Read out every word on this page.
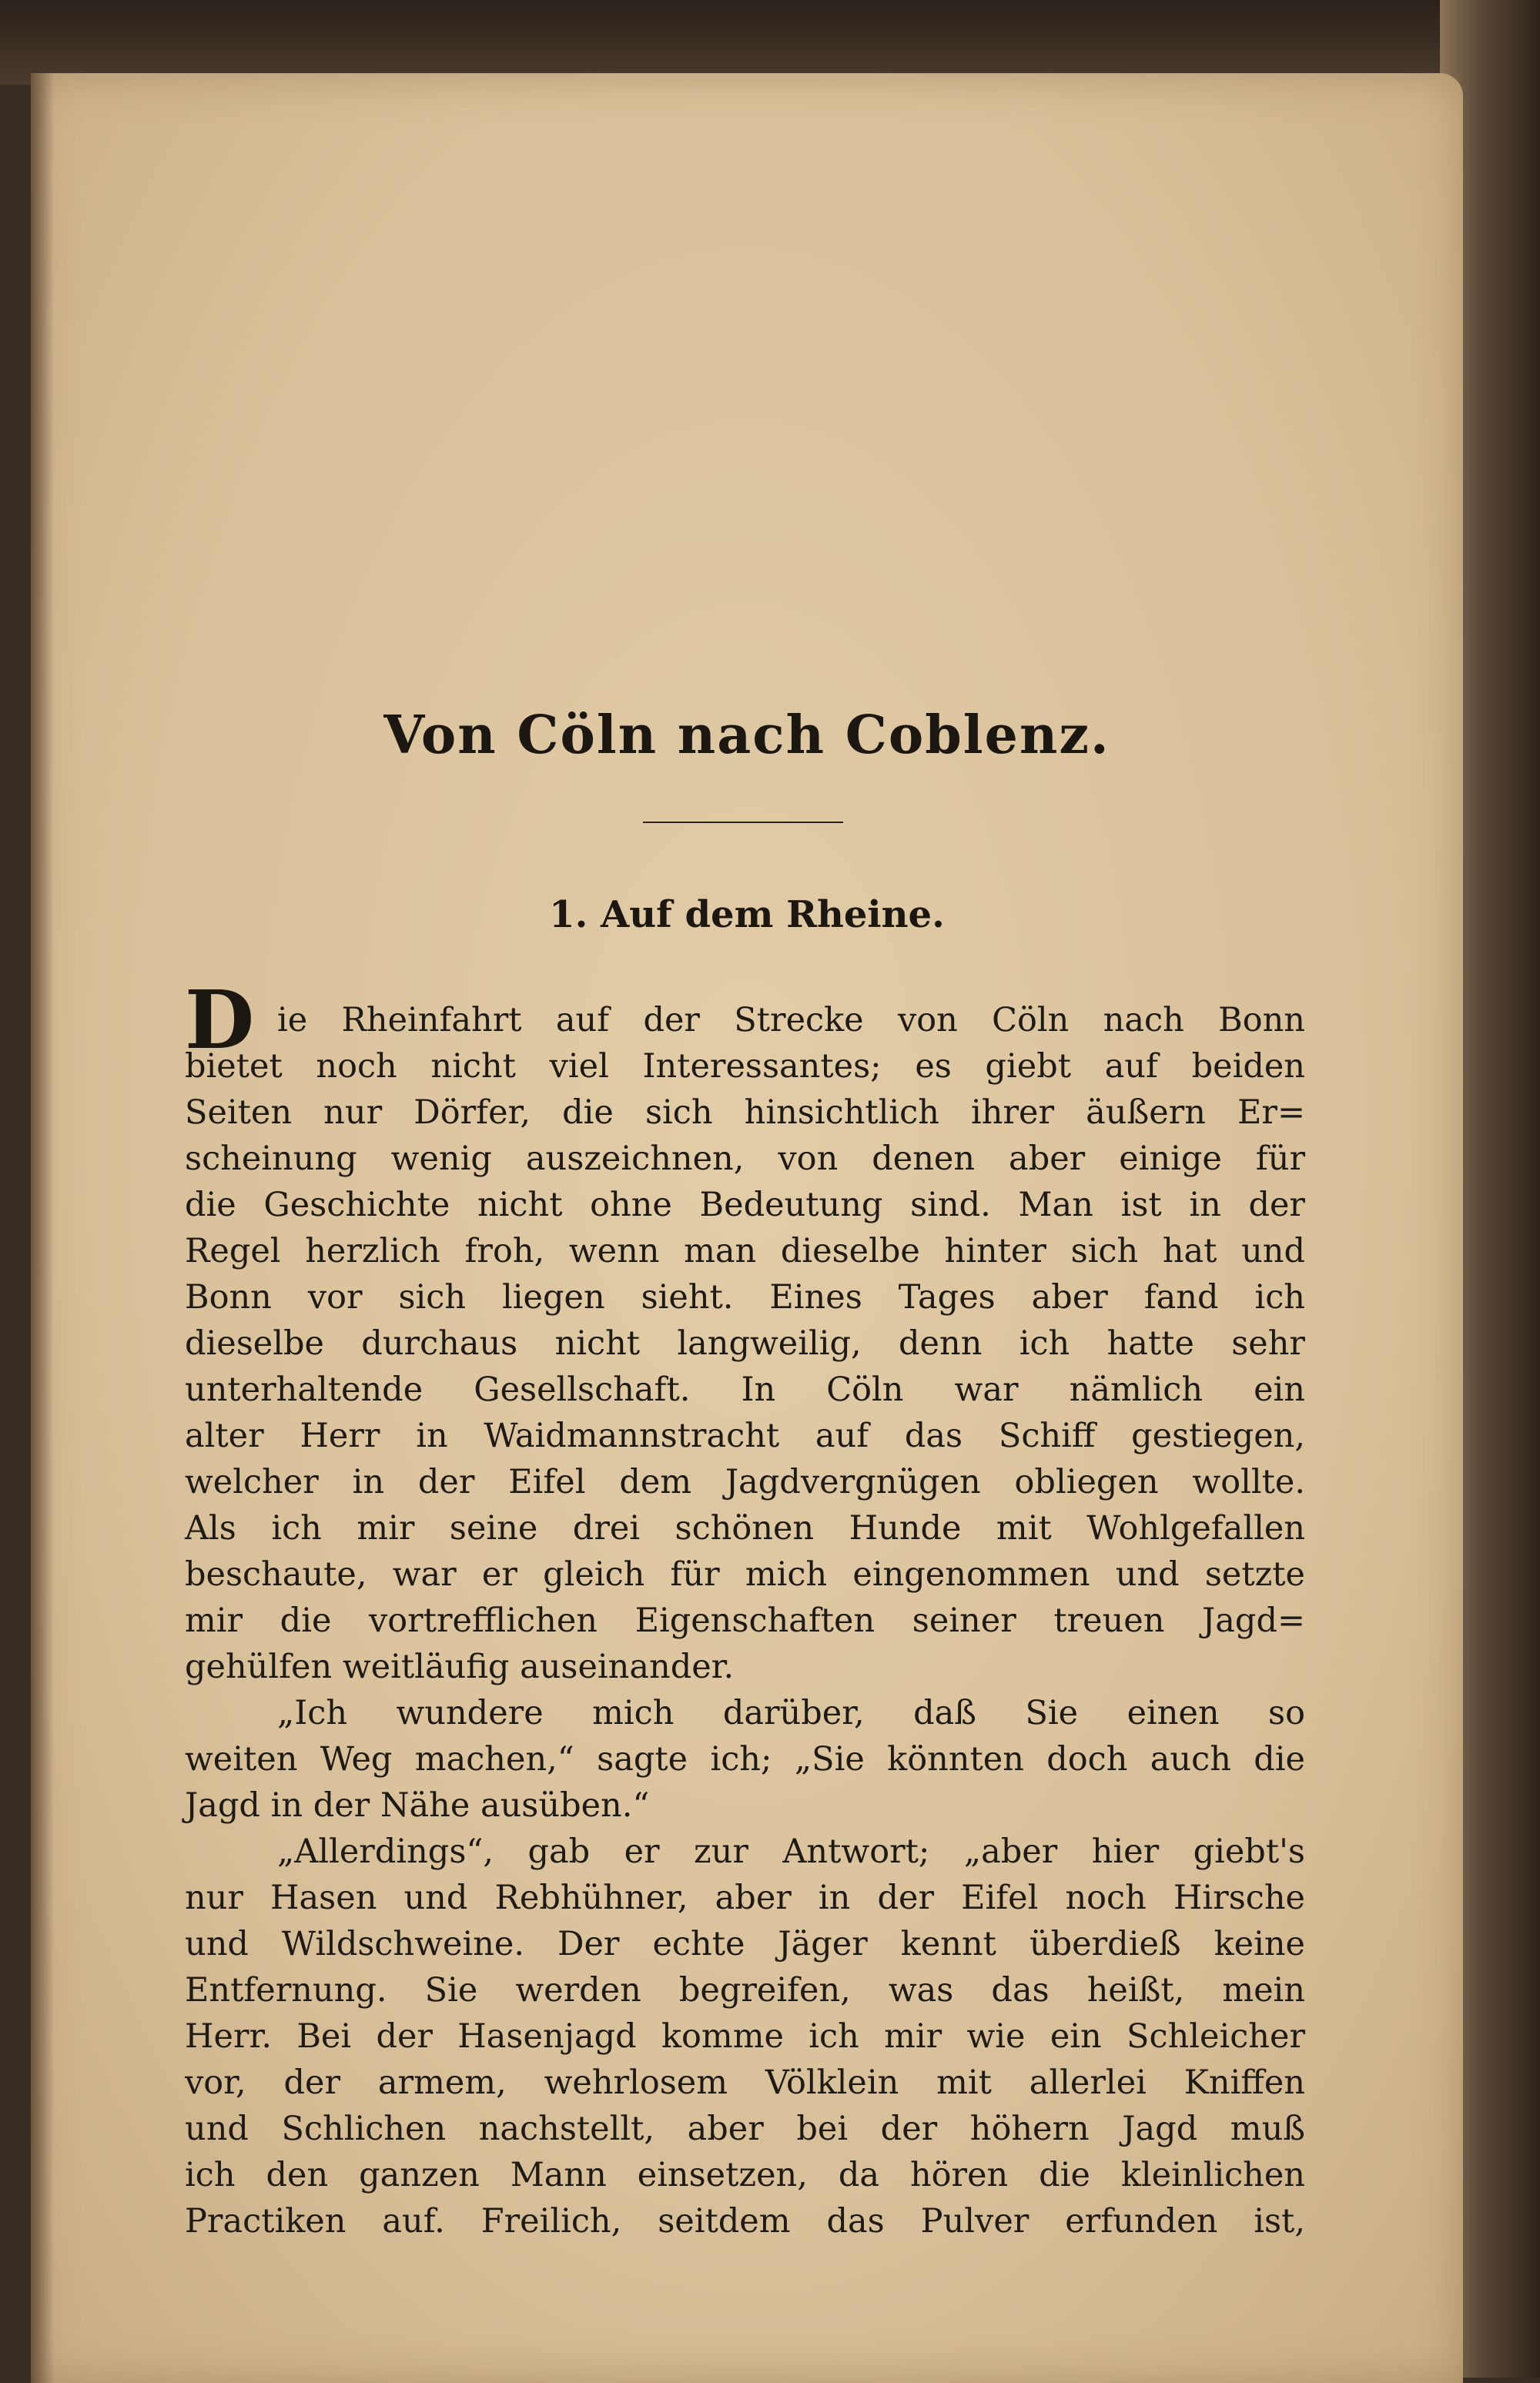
Von Cöln nach Coblenz.
1. Auf dem Rheine.
D ie Rheinfahrt auf der Strecke von Cöln nach Bonn
bietet noch nicht viel Interessantes; es giebt auf beiden
Seiten nur Dörfer, die sich hinsichtlich ihrer äußern Er=
scheinung wenig auszeichnen, von denen aber einige für
die Geschichte nicht ohne Bedeutung sind. Man ist in der
Regel herzlich froh, wenn man dieselbe hinter sich hat und
Bonn vor sich liegen sieht. Eines Tages aber fand ich
dieselbe durchaus nicht langweilig, denn ich hatte sehr
unterhaltende Gesellschaft. In Cöln war nämlich ein
alter Herr in Waidmannstracht auf das Schiff gestiegen,
welcher in der Eifel dem Jagdvergnügen obliegen wollte.
Als ich mir seine drei schönen Hunde mit Wohlgefallen
beschaute, war er gleich für mich eingenommen und setzte
mir die vortrefflichen Eigenschaften seiner treuen Jagd=
gehülfen weitläufig auseinander.
„Ich wundere mich darüber, daß Sie einen so
weiten Weg machen,“ sagte ich; „Sie könnten doch auch die
Jagd in der Nähe ausüben.“
„Allerdings“, gab er zur Antwort; „aber hier giebt's
nur Hasen und Rebhühner, aber in der Eifel noch Hirsche
und Wildschweine. Der echte Jäger kennt überdieß keine
Entfernung. Sie werden begreifen, was das heißt, mein
Herr. Bei der Hasenjagd komme ich mir wie ein Schleicher
vor, der armem, wehrlosem Völklein mit allerlei Kniffen
und Schlichen nachstellt, aber bei der höhern Jagd muß
ich den ganzen Mann einsetzen, da hören die kleinlichen
Practiken auf. Freilich, seitdem das Pulver erfunden ist,
